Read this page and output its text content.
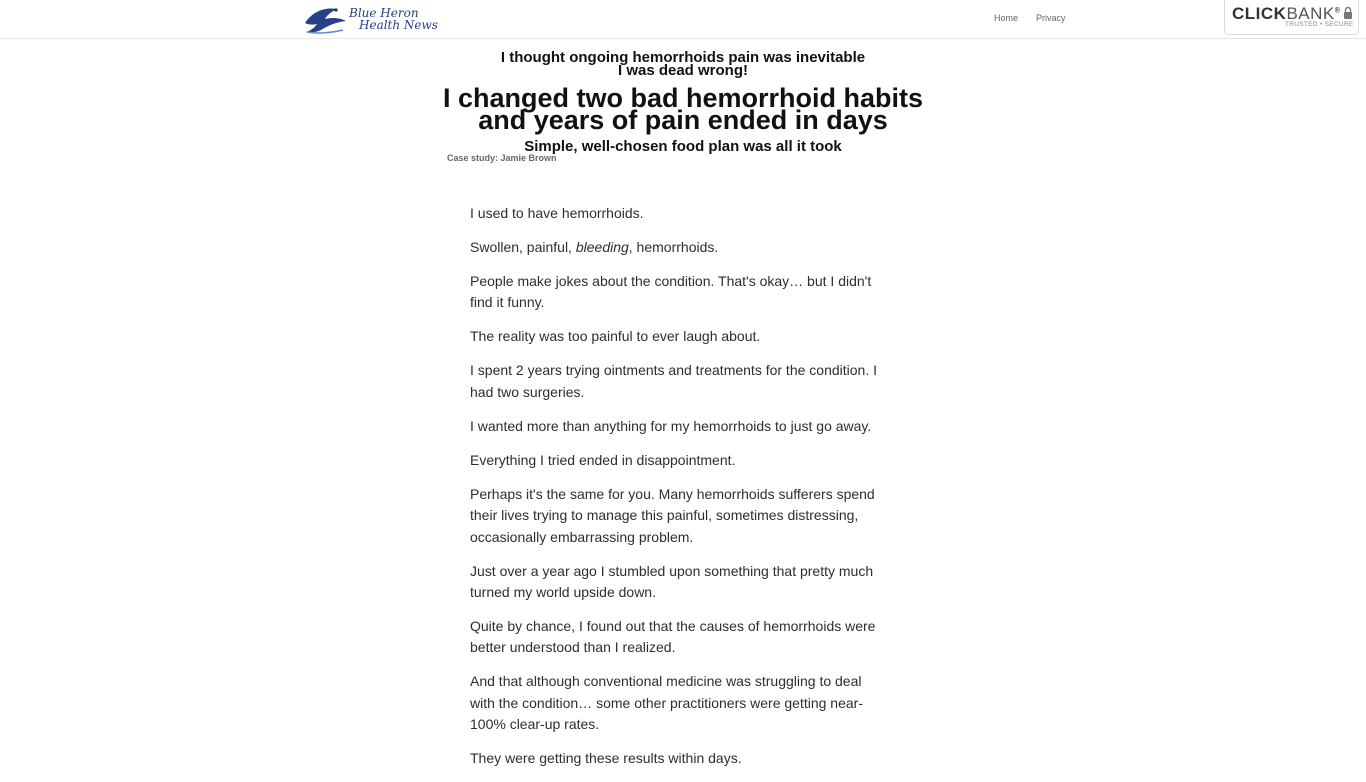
Blue Heron
Health News	Home Privacy	CLICKBANK®
TRUSTED • SECURE
I thought ongoing hemorrhoids pain was inevitable
I was dead wrong!
I changed two bad hemorrhoid habits
and years of pain ended in days
Simple, well-chosen food plan was all it took
Case study: Jamie Brown

I used to have hemorrhoids.

Swollen, painful, bleeding, hemorrhoids.

People make jokes about the condition. That's okay… but I didn't find it funny.

The reality was too painful to ever laugh about.

I spent 2 years trying ointments and treatments for the condition. I had two surgeries.

I wanted more than anything for my hemorrhoids to just go away.

Everything I tried ended in disappointment.

Perhaps it's the same for you. Many hemorrhoids sufferers spend their lives trying to manage this painful, sometimes distressing, occasionally embarrassing problem.

Just over a year ago I stumbled upon something that pretty much turned my world upside down.

Quite by chance, I found out that the causes of hemorrhoids were better understood than I realized.

And that although conventional medicine was struggling to deal with the condition… some other practitioners were getting near-100% clear-up rates.

They were getting these results within days.
